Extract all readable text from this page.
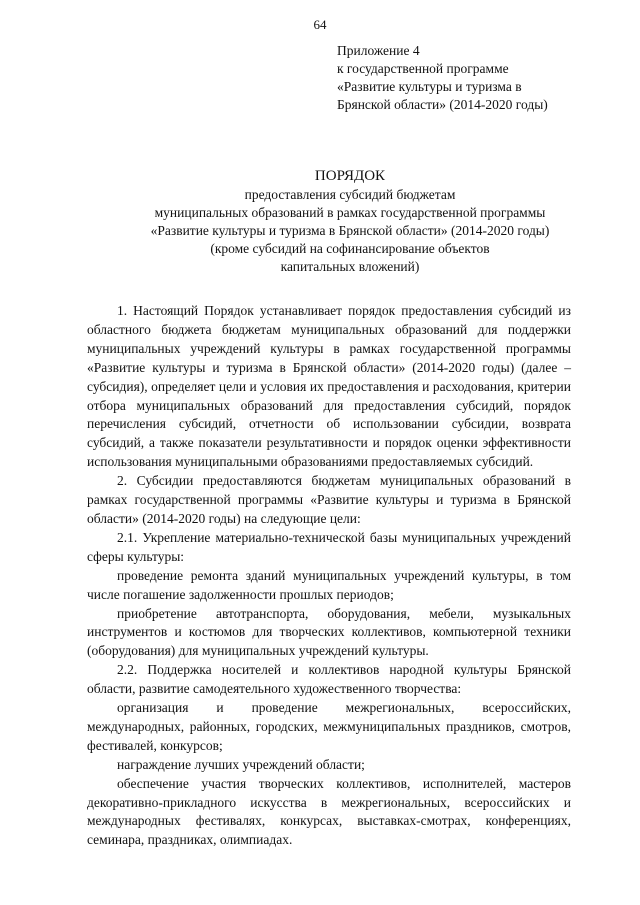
64
Приложение 4
к государственной программе
«Развитие культуры и туризма в
Брянской области» (2014-2020 годы)
ПОРЯДОК
предоставления субсидий бюджетам
муниципальных образований в рамках государственной программы
«Развитие культуры и туризма в Брянской области» (2014-2020 годы)
(кроме субсидий на софинансирование объектов
капитальных вложений)

1. Настоящий Порядок устанавливает порядок предоставления субсидий из областного бюджета бюджетам муниципальных образований для поддержки муниципальных учреждений культуры в рамках государственной программы «Развитие культуры и туризма в Брянской области» (2014-2020 годы) (далее – субсидия), определяет цели и условия их предоставления и расходования, критерии отбора муниципальных образований для предоставления субсидий, порядок перечисления субсидий, отчетности об использовании субсидии, возврата субсидий, а также показатели результативности и порядок оценки эффективности использования муниципальными образованиями предоставляемых субсидий.

2. Субсидии предоставляются бюджетам муниципальных образований в рамках государственной программы «Развитие культуры и туризма в Брянской области» (2014-2020 годы) на следующие цели:

2.1. Укрепление материально-технической базы муниципальных учреждений сферы культуры:

проведение ремонта зданий муниципальных учреждений культуры, в том числе погашение задолженности прошлых периодов;

приобретение автотранспорта, оборудования, мебели, музыкальных инструментов и костюмов для творческих коллективов, компьютерной техники (оборудования) для муниципальных учреждений культуры.

2.2. Поддержка носителей и коллективов народной культуры Брянской области, развитие самодеятельного художественного творчества:

организация и проведение межрегиональных, всероссийских, международных, районных, городских, межмуниципальных праздников, смотров, фестивалей, конкурсов;

награждение лучших учреждений области;

обеспечение участия творческих коллективов, исполнителей, мастеров декоративно-прикладного искусства в межрегиональных, всероссийских и международных фестивалях, конкурсах, выставках-смотрах, конференциях, семинара, праздниках, олимпиадах.
